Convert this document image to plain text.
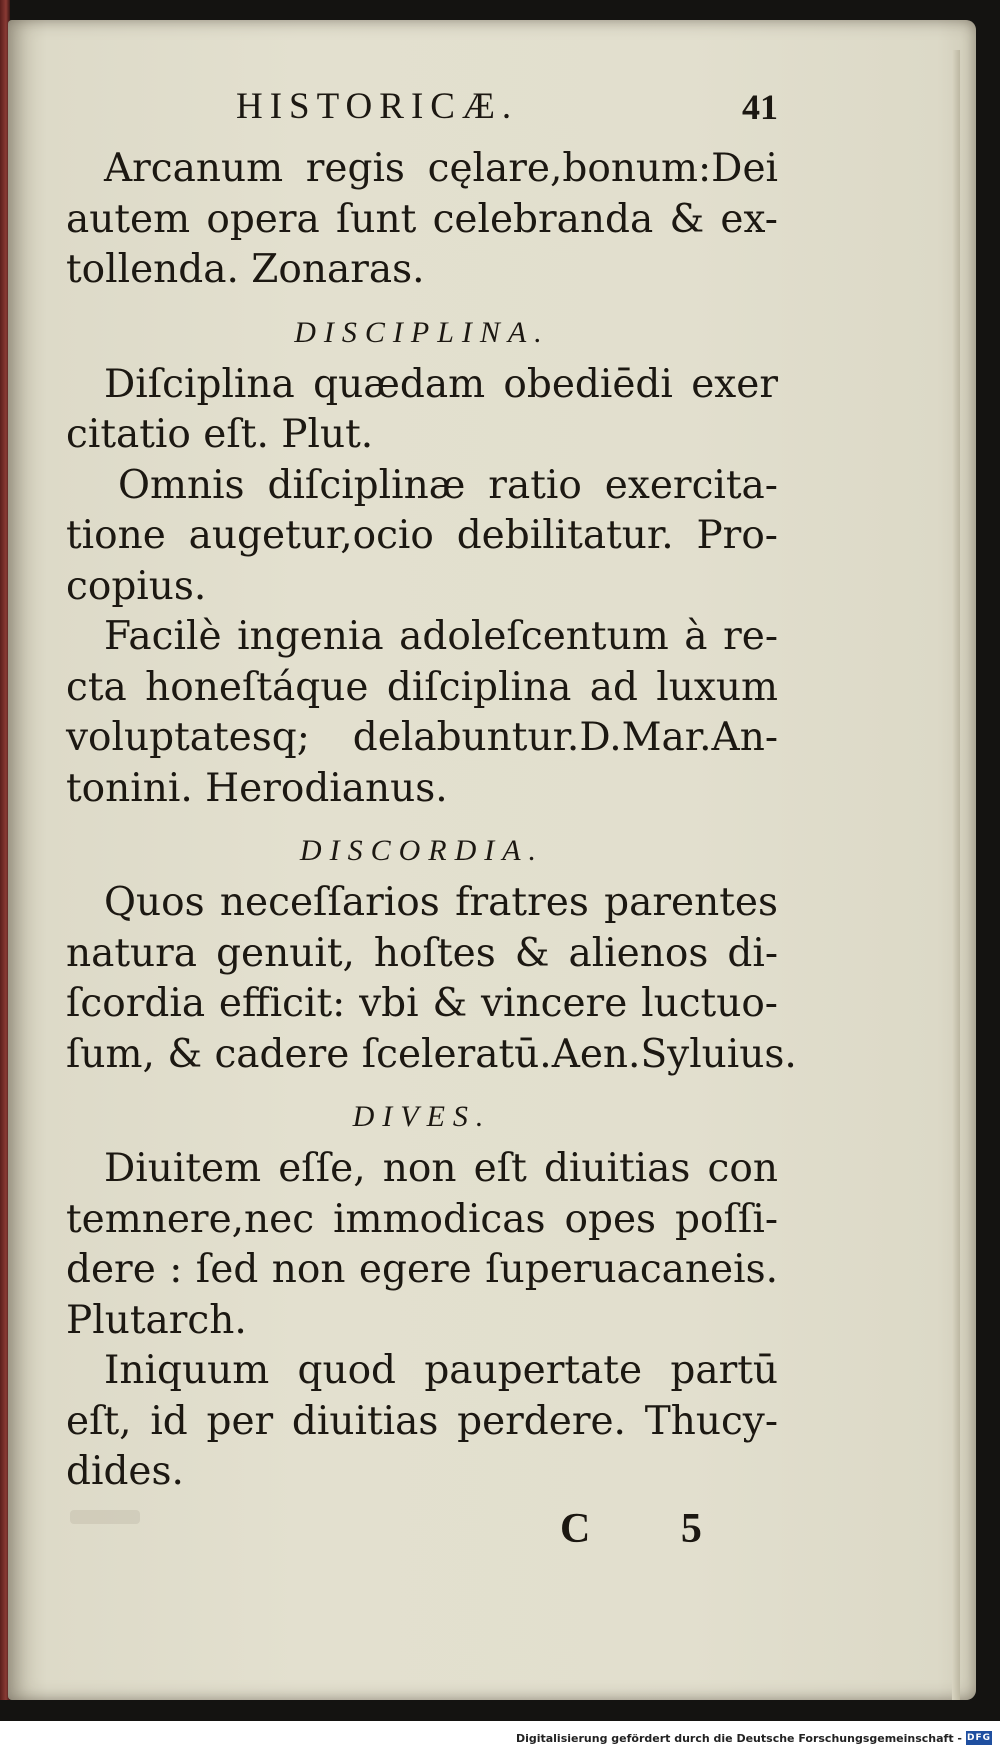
HISTORICÆ.	41
Arcanum regis cęlare,bonum:Dei
autem opera ſunt celebranda & ex-
tollenda. Zonaras.
DISCIPLINA.
Diſciplina quædam obediēdi exer
citatio eſt. Plut.
Omnis diſciplinæ ratio exercita-
tione augetur,ocio debilitatur. Pro-
copius.
Facilè ingenia adoleſcentum à re-
cta honeſtáque diſciplina ad luxum
voluptatesq; delabuntur.D.Mar.An-
tonini. Herodianus.
DISCORDIA.
Quos neceſſarios fratres parentes
natura genuit, hoſtes & alienos di-
ſcordia efficit: vbi & vincere luctuo-
ſum, & cadere ſceleratū.Aen.Syluius.
DIVES.
Diuitem eſſe, non eſt diuitias con
temnere,nec immodicas opes poſſi-
dere : ſed non egere ſuperuacaneis.
Plutarch.
Iniquum quod paupertate partū
eſt, id per diuitias perdere. Thucy-
dides.
C 5
Digitalisierung gefördert durch die Deutsche Forschungsgemeinschaft - DFG
